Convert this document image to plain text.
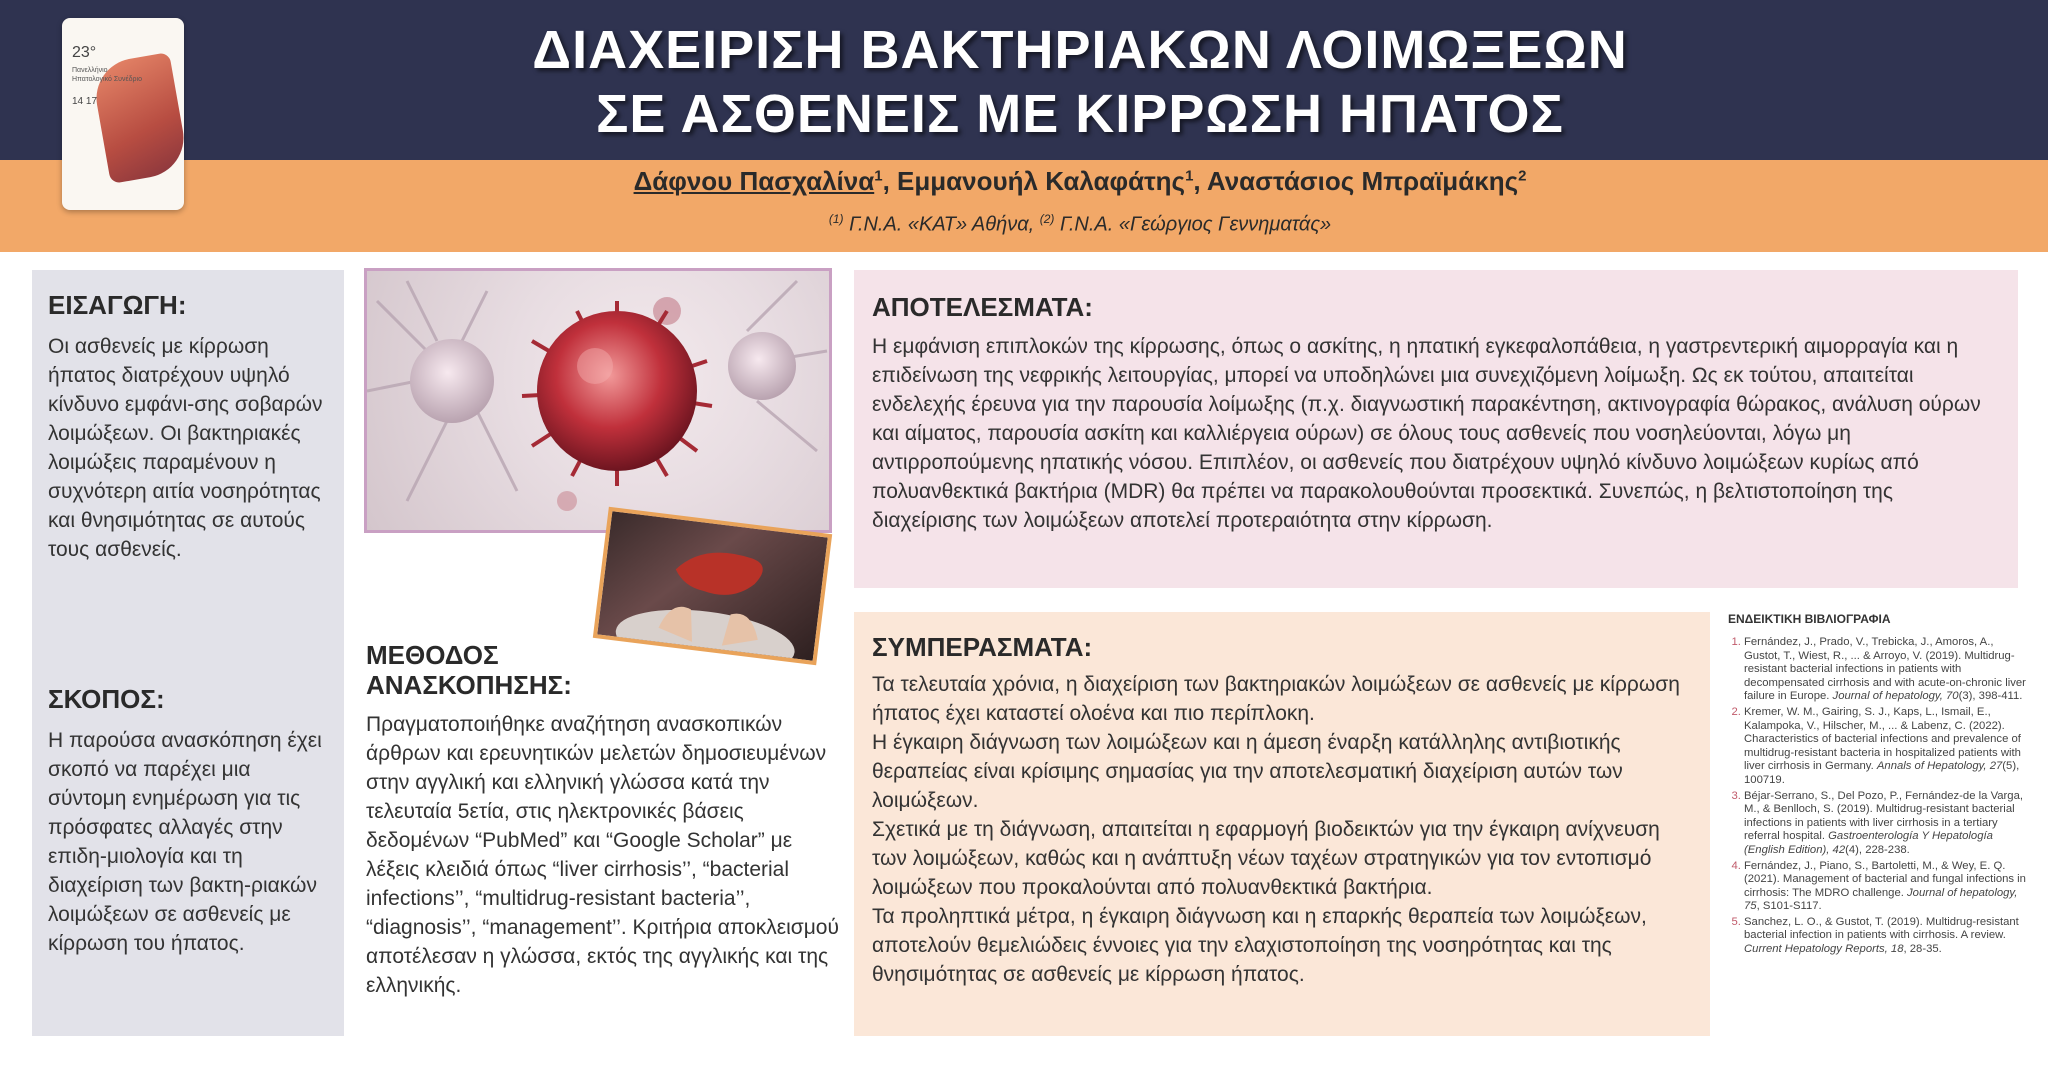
23°
Πανελλήνιο
Ηπατολογικό Συνέδριο
14 17
ΔΙΑΧΕΙΡΙΣΗ ΒΑΚΤΗΡΙΑΚΩΝ ΛΟΙΜΩΞΕΩΝ
ΣΕ ΑΣΘΕΝΕΙΣ ΜΕ ΚΙΡΡΩΣΗ ΗΠΑΤΟΣ
Δάφνου Πασχαλίνα$^1$, Εμμανουήλ Καλαφάτης$^1$, Αναστάσιος Μπραϊμάκης$^2$
$^{(1)}$ Γ.Ν.Α. «ΚΑΤ» Αθήνα, $^{(2)}$ Γ.Ν.Α. «Γεώργιος Γεννηματάς»
ΕΙΣΑΓΩΓΗ:
Οι ασθενείς με κίρρωση ήπατος διατρέχουν υψηλό κίνδυνο εμφάνι-σης σοβαρών λοιμώξεων. Οι βακτηριακές λοιμώξεις παραμένουν η συχνότερη αιτία νοσηρότητας και θνησιμότητας σε αυτούς τους ασθενείς.
ΣΚΟΠΟΣ:
Η παρούσα ανασκόπηση έχει σκοπό να παρέχει μια σύντομη ενημέρωση για τις πρόσφατες αλλαγές στην επιδη-μιολογία και τη διαχείριση των βακτη-ριακών λοιμώξεων σε ασθενείς με κίρρωση του ήπατος.
ΜΕΘΟΔΟΣ
ΑΝΑΣΚΟΠΗΣΗΣ:
Πραγματοποιήθηκε αναζήτηση ανασκοπικών άρθρων και ερευνητικών μελετών δημοσιευμένων στην αγγλική και ελληνική γλώσσα κατά την τελευταία 5ετία, στις ηλεκτρονικές βάσεις δεδομένων “PubMed” και “Google Scholar” με λέξεις κλειδιά όπως “liver cirrhosis’’, “bacterial infections’’, “multidrug-resistant bacteria’’, “diagnosis’’, “management’’. Κριτήρια αποκλεισμού αποτέλεσαν η γλώσσα, εκτός της αγγλικής και της ελληνικής.
ΑΠΟΤΕΛΕΣΜΑΤΑ:
Η εμφάνιση επιπλοκών της κίρρωσης, όπως ο ασκίτης, η ηπατική εγκεφαλοπάθεια, η γαστρεντερική αιμορραγία και η επιδείνωση της νεφρικής λειτουργίας, μπορεί να υποδηλώνει μια συνεχιζόμενη λοίμωξη. Ως εκ τούτου, απαιτείται ενδελεχής έρευνα για την παρουσία λοίμωξης (π.χ. διαγνωστική παρακέντηση, ακτινογραφία θώρακος, ανάλυση ούρων και αίματος, παρουσία ασκίτη και καλλιέργεια ούρων) σε όλους τους ασθενείς που νοσηλεύονται, λόγω μη αντιρροπούμενης ηπατικής νόσου. Επιπλέον, οι ασθενείς που διατρέχουν υψηλό κίνδυνο λοιμώξεων κυρίως από πολυανθεκτικά βακτήρια (MDR) θα πρέπει να παρακολουθούνται προσεκτικά. Συνεπώς, η βελτιστοποίηση της διαχείρισης των λοιμώξεων αποτελεί προτεραιότητα στην κίρρωση.
ΣΥΜΠΕΡΑΣΜΑΤΑ:
Τα τελευταία χρόνια, η διαχείριση των βακτηριακών λοιμώξεων σε ασθενείς με κίρρωση ήπατος έχει καταστεί ολοένα και πιο περίπλοκη.
Η έγκαιρη διάγνωση των λοιμώξεων και η άμεση έναρξη κατάλληλης αντιβιοτικής θεραπείας είναι κρίσιμης σημασίας για την αποτελεσματική διαχείριση αυτών των λοιμώξεων.
Σχετικά με τη διάγνωση, απαιτείται η εφαρμογή βιοδεικτών για την έγκαιρη ανίχνευση των λοιμώξεων, καθώς και η ανάπτυξη νέων ταχέων στρατηγικών για τον εντοπισμό λοιμώξεων που προκαλούνται από πολυανθεκτικά βακτήρια.
Τα προληπτικά μέτρα, η έγκαιρη διάγνωση και η επαρκής θεραπεία των λοιμώξεων, αποτελούν θεμελιώδεις έννοιες για την ελαχιστοποίηση της νοσηρότητας και της θνησιμότητας σε ασθενείς με κίρρωση ήπατος.
ΕΝΔΕΙΚΤΙΚΗ ΒΙΒΛΙΟΓΡΑΦΙΑ
1. Fernández, J., Prado, V., Trebicka, J., Amoros, A., Gustot, T., Wiest, R., ... & Arroyo, V. (2019). Multidrug-resistant bacterial infections in patients with decompensated cirrhosis and with acute-on-chronic liver failure in Europe. Journal of hepatology, 70(3), 398-411.
2. Kremer, W. M., Gairing, S. J., Kaps, L., Ismail, E., Kalampoka, V., Hilscher, M., ... & Labenz, C. (2022). Characteristics of bacterial infections and prevalence of multidrug-resistant bacteria in hospitalized patients with liver cirrhosis in Germany. Annals of Hepatology, 27(5), 100719.
3. Béjar-Serrano, S., Del Pozo, P., Fernández-de la Varga, M., & Benlloch, S. (2019). Multidrug-resistant bacterial infections in patients with liver cirrhosis in a tertiary referral hospital. Gastroenterología Y Hepatología (English Edition), 42(4), 228-238.
4. Fernández, J., Piano, S., Bartoletti, M., & Wey, E. Q. (2021). Management of bacterial and fungal infections in cirrhosis: The MDRO challenge. Journal of hepatology, 75, S101-S117.
5. Sanchez, L. O., & Gustot, T. (2019). Multidrug-resistant bacterial infection in patients with cirrhosis. A review. Current Hepatology Reports, 18, 28-35.
